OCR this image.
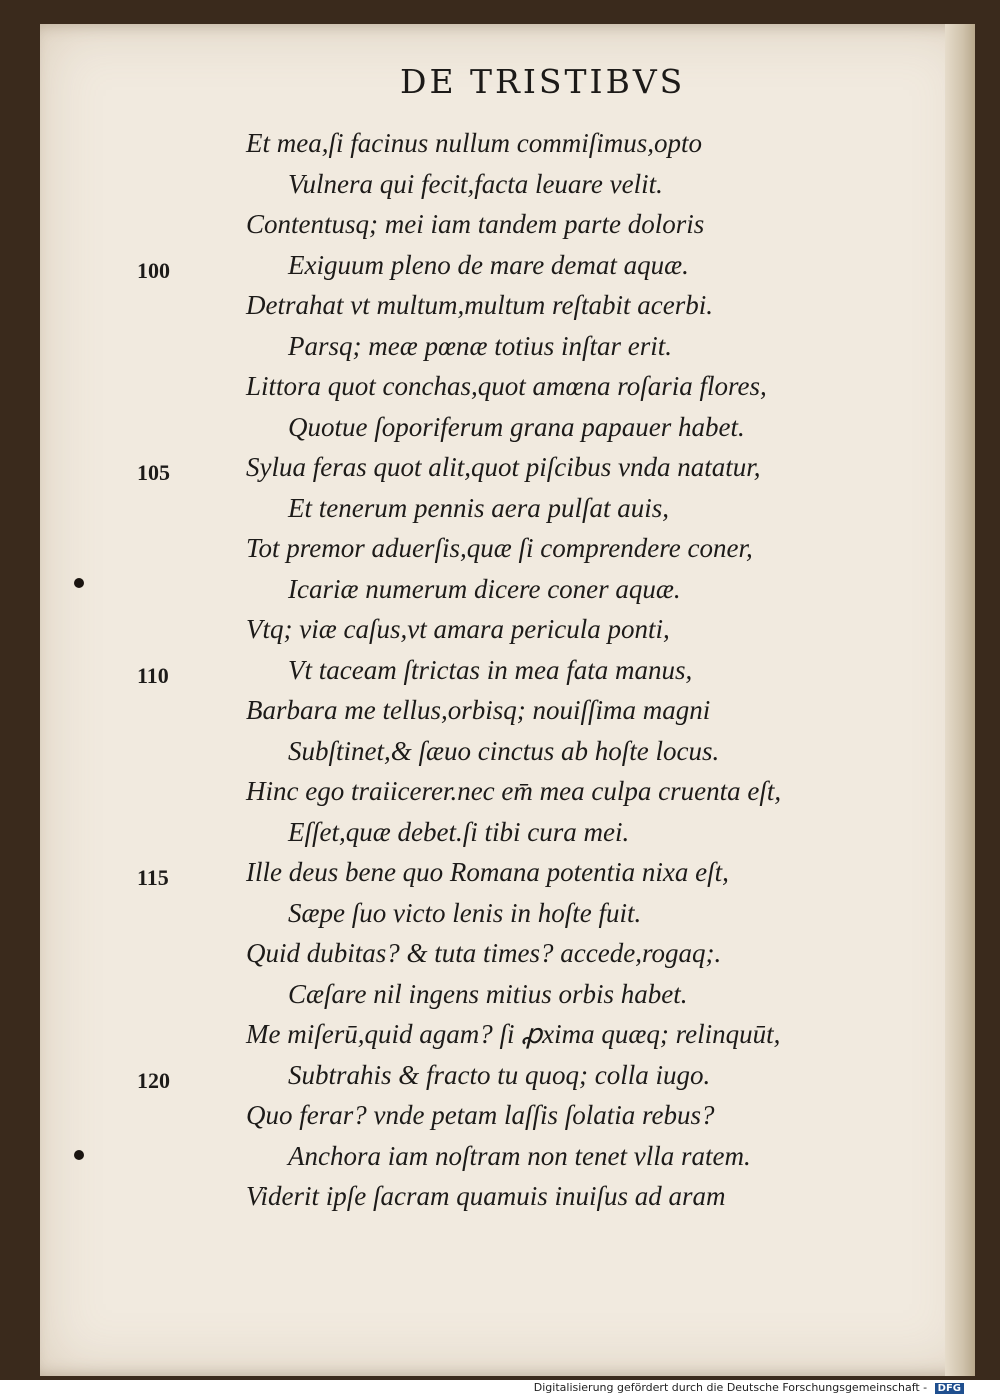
DE TRISTIBVS
Et mea,ſi facinus nullum commiſimus,opto
Vulnera qui fecit,facta leuare velit.
Contentusq; mei iam tandem parte doloris
Exiguum pleno de mare demat aquæ.
Detrahat vt multum,multum reſtabit acerbi.
Parsq; meæ pœnæ totius inſtar erit.
Littora quot conchas,quot amœna roſaria flores,
Quotue ſoporiferum grana papauer habet.
Sylua feras quot alit,quot piſcibus vnda natatur,
Et tenerum pennis aera pulſat auis,
Tot premor aduerſis,quæ ſi comprendere coner,
Icariæ numerum dicere coner aquæ.
Vtq; viæ caſus,vt amara pericula ponti,
Vt taceam ſtrictas in mea fata manus,
Barbara me tellus,orbisq; nouiſſima magni
Subſtinet,& ſæuo cinctus ab hoſte locus.
Hinc ego traiicerer.nec em̄ mea culpa cruenta eſt,
Eſſet,quæ debet.ſi tibi cura mei.
Ille deus bene quo Romana potentia nixa eſt,
Sæpe ſuo victo lenis in hoſte fuit.
Quid dubitas? & tuta times? accede,rogaq;.
Cæſare nil ingens mitius orbis habet.
Me miſerū,quid agam? ſi ꝓxima quæq; relinquūt,
Subtrahis & fracto tu quoq; colla iugo.
Quo ferar? vnde petam laſſis ſolatia rebus?
Anchora iam noſtram non tenet vlla ratem.
Viderit ipſe ſacram quamuis inuiſus ad aram
100
105
110
115
120
Digitalisierung gefördert durch die Deutsche Forschungsgemeinschaft - DFG
